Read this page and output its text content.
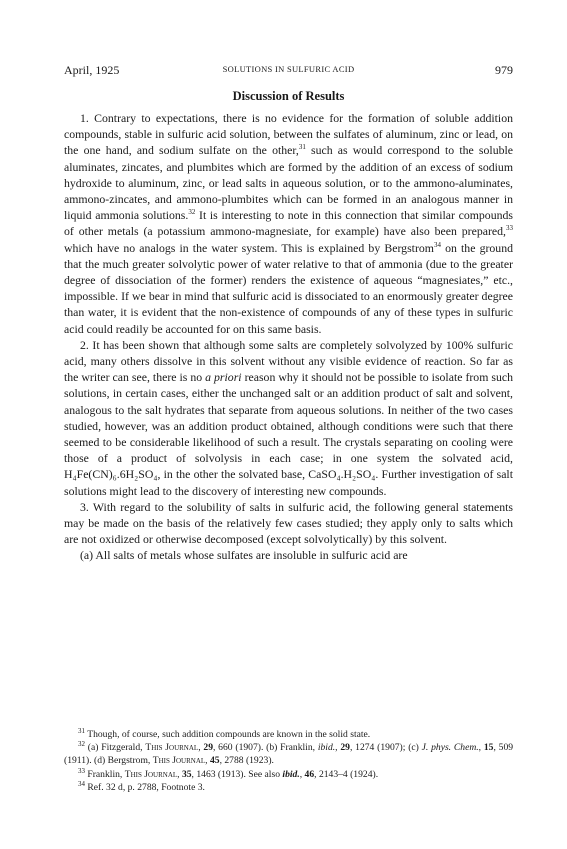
April, 1925	SOLUTIONS IN SULFURIC ACID	979
Discussion of Results

1. Contrary to expectations, there is no evidence for the formation of soluble addition compounds, stable in sulfuric acid solution, between the sulfates of aluminum, zinc or lead, on the one hand, and sodium sulfate on the other,$^{31}$ such as would correspond to the soluble aluminates, zincates, and plumbites which are formed by the addition of an excess of sodium hydroxide to aluminum, zinc, or lead salts in aqueous solution, or to the ammono-aluminates, ammono-zincates, and ammono-plumbites which can be formed in an analogous manner in liquid ammonia solutions.$^{32}$ It is interesting to note in this connection that similar compounds of other metals (a potassium ammono-magnesiate, for example) have also been prepared,$^{33}$ which have no analogs in the water system. This is explained by Bergstrom$^{34}$ on the ground that the much greater solvolytic power of water relative to that of ammonia (due to the greater degree of dissociation of the former) renders the existence of aqueous “magnesiates,” etc., impossible. If we bear in mind that sulfuric acid is dissociated to an enormously greater degree than water, it is evident that the non-existence of compounds of any of these types in sulfuric acid could readily be accounted for on this same basis.

2. It has been shown that although some salts are completely solvolyzed by 100% sulfuric acid, many others dissolve in this solvent without any visible evidence of reaction. So far as the writer can see, there is no a priori reason why it should not be possible to isolate from such solutions, in certain cases, either the unchanged salt or an addition product of salt and solvent, analogous to the salt hydrates that separate from aqueous solutions. In neither of the two cases studied, however, was an addition product obtained, although conditions were such that there seemed to be considerable likelihood of such a result. The crystals separating on cooling were those of a product of solvolysis in each case; in one system the solvated acid, H₄Fe(CN)₆.6H₂SO₄, in the other the solvated base, CaSO₄.H₂SO₄. Further investigation of salt solutions might lead to the discovery of interesting new compounds.

3. With regard to the solubility of salts in sulfuric acid, the following general statements may be made on the basis of the relatively few cases studied; they apply only to salts which are not oxidized or otherwise decomposed (except solvolytically) by this solvent.

(a) All salts of metals whose sulfates are insoluble in sulfuric acid are

$^{31}$ Though, of course, such addition compounds are known in the solid state.

$^{32}$ (a) Fitzgerald, This Journal, 29, 660 (1907). (b) Franklin, ibid., 29, 1274 (1907); (c) J. phys. Chem., 15, 509 (1911). (d) Bergstrom, This Journal, 45, 2788 (1923).

$^{33}$ Franklin, This Journal, 35, 1463 (1913). See also ibid., 46, 2143–4 (1924).

$^{34}$ Ref. 32 d, p. 2788, Footnote 3.
